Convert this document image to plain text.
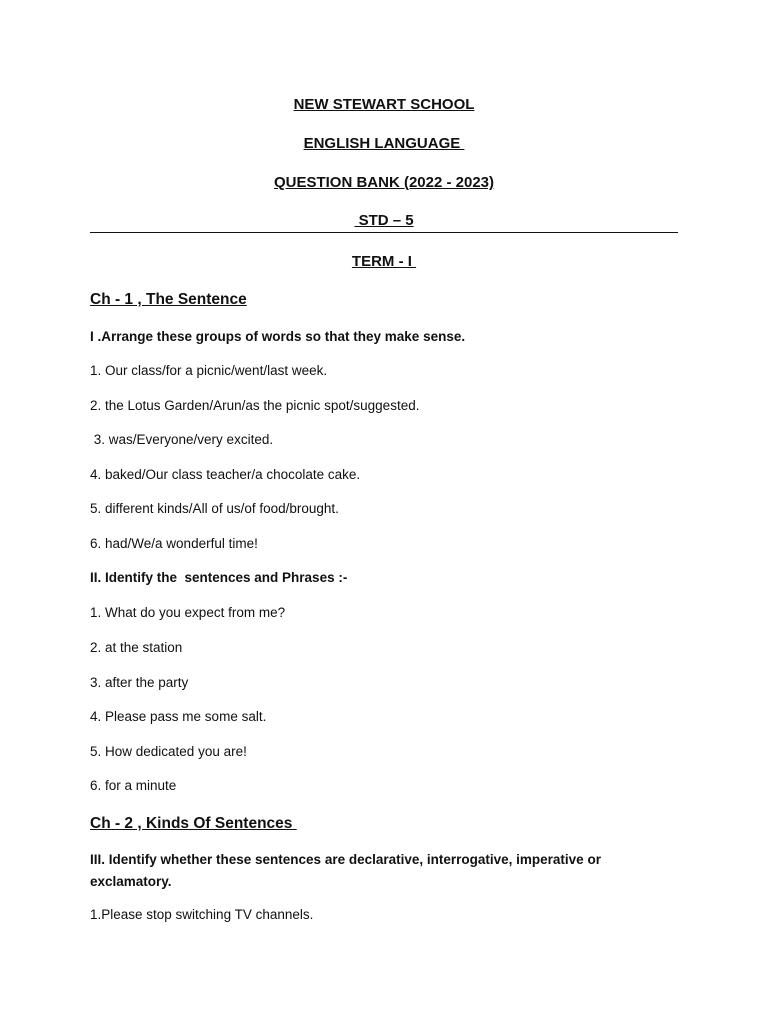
NEW STEWART SCHOOL
ENGLISH LANGUAGE
QUESTION BANK (2022 - 2023)
STD – 5
TERM - I
Ch - 1 , The Sentence
I .Arrange these groups of words so that they make sense.
1. Our class/for a picnic/went/last week.
2. the Lotus Garden/Arun/as the picnic spot/suggested.
3. was/Everyone/very excited.
4. baked/Our class teacher/a chocolate cake.
5. different kinds/All of us/of food/brought.
6. had/We/a wonderful time!
II. Identify the  sentences and Phrases :-
1. What do you expect from me?
2. at the station
3. after the party
4. Please pass me some salt.
5. How dedicated you are!
6. for a minute
Ch - 2 , Kinds Of Sentences
III. Identify whether these sentences are declarative, interrogative, imperative or exclamatory.
1.Please stop switching TV channels.
